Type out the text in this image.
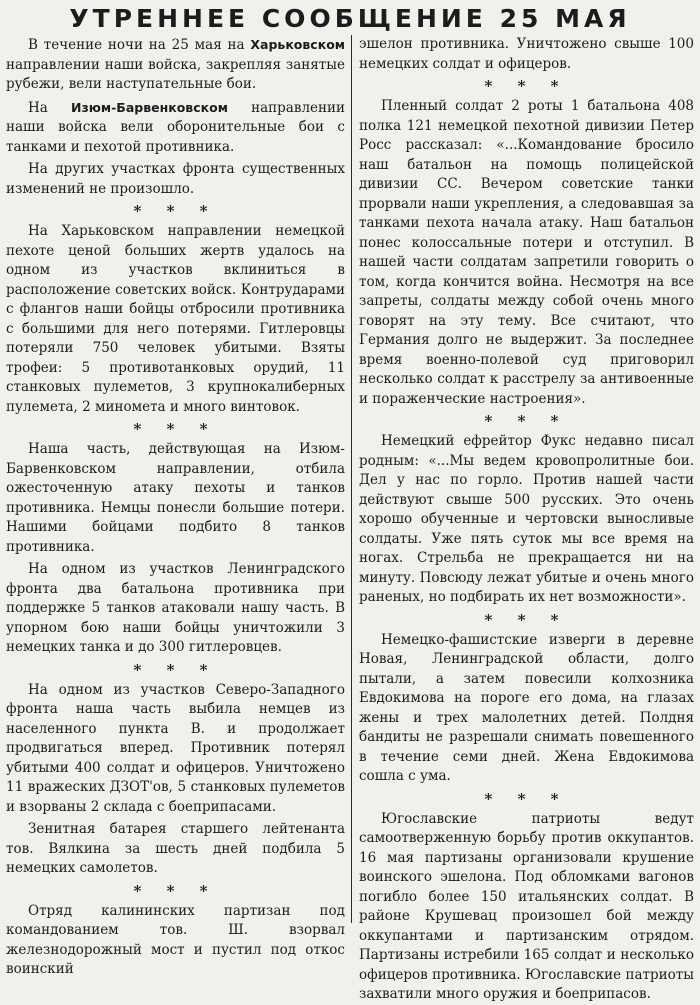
УТРЕННЕЕ СООБЩЕНИЕ 25 МАЯ

В течение ночи на 25 мая на Харьковском направлении наши войска, закрепляя занятые рубежи, вели наступательные бои.

На Изюм-Барвенковском направлении наши войска вели оборонительные бои с танками и пехотой противника.

На других участках фронта существенных изменений не произошло.

* * *

На Харьковском направлении немецкой пехоте ценой больших жертв удалось на одном из участков вклиниться в расположение советских войск. Контрударами с флангов наши бойцы отбросили противника с большими для него потерями. Гитлеровцы потеряли 750 человек убитыми. Взяты трофеи: 5 противотанковых орудий, 11 станковых пулеметов, 3 крупнокалиберных пулемета, 2 миномета и много винтовок.

* * *

Наша часть, действующая на Изюм-Барвенковском направлении, отбила ожесточенную атаку пехоты и танков противника. Немцы понесли большие потери. Нашими бойцами подбито 8 танков противника.

На одном из участков Ленинградского фронта два батальона противника при поддержке 5 танков атаковали нашу часть. В упорном бою наши бойцы уничтожили 3 немецких танка и до 300 гитлеровцев.

* * *

На одном из участков Северо-Западного фронта наша часть выбила немцев из населенного пункта В. и продолжает продвигаться вперед. Противник потерял убитыми 400 солдат и офицеров. Уничтожено 11 вражеских ДЗОТ'ов, 5 станковых пулеметов и взорваны 2 склада с боеприпасами.

Зенитная батарея старшего лейтенанта тов. Вялкина за шесть дней подбила 5 немецких самолетов.

* * *

Отряд калининских партизан под командованием тов. Ш. взорвал железнодорожный мост и пустил под откос воинский

эшелон противника. Уничтожено свыше 100 немецких солдат и офицеров.

* * *

Пленный солдат 2 роты 1 батальона 408 полка 121 немецкой пехотной дивизии Петер Росс рассказал: «...Командование бросило наш батальон на помощь полицейской дивизии СС. Вечером советские танки прорвали наши укрепления, а следовавшая за танками пехота начала атаку. Наш батальон понес колоссальные потери и отступил. В нашей части солдатам запретили говорить о том, когда кончится война. Несмотря на все запреты, солдаты между собой очень много говорят на эту тему. Все считают, что Германия долго не выдержит. За последнее время военно-полевой суд приговорил несколько солдат к расстрелу за антивоенные и пораженческие настроения».

* * *

Немецкий ефрейтор Фукс недавно писал родным: «...Мы ведем кровопролитные бои. Дел у нас по горло. Против нашей части действуют свыше 500 русских. Это очень хорошо обученные и чертовски выносливые солдаты. Уже пять суток мы все время на ногах. Стрельба не прекращается ни на минуту. Повсюду лежат убитые и очень много раненых, но подбирать их нет возможности».

* * *

Немецко-фашистские изверги в деревне Новая, Ленинградской области, долго пытали, а затем повесили колхозника Евдокимова на пороге его дома, на глазах жены и трех малолетних детей. Полдня бандиты не разрешали снимать повешенного в течение семи дней. Жена Евдокимова сошла с ума.

* * *

Югославские патриоты ведут самоотверженную борьбу против оккупантов. 16 мая партизаны организовали крушение воинского эшелона. Под обломками вагонов погибло более 150 итальянских солдат. В районе Крушевац произошел бой между оккупантами и партизанским отрядом. Партизаны истребили 165 солдат и несколько офицеров противника. Югославские патриоты захватили много оружия и боеприпасов.
